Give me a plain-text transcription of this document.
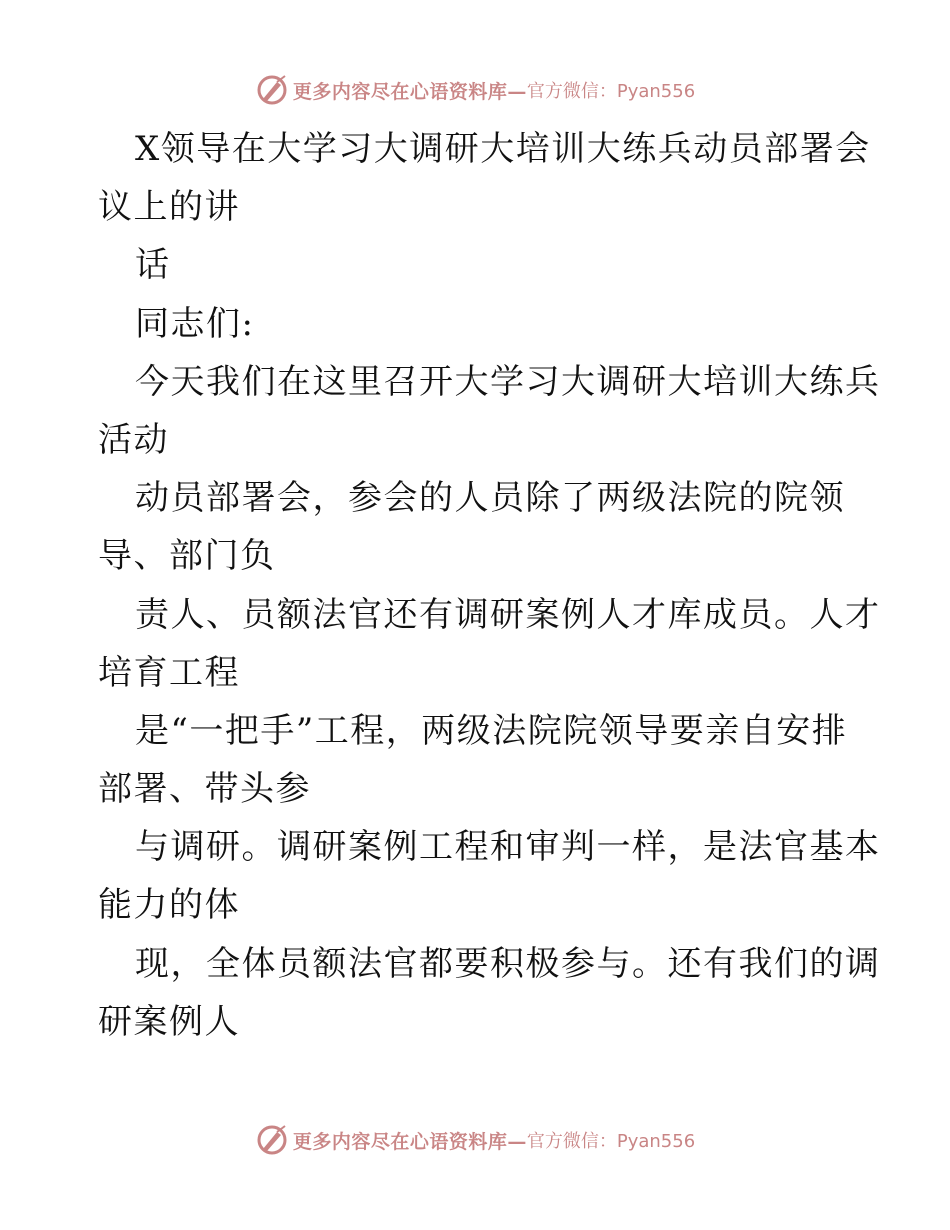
更多内容尽在心语资料库— 官方微信：Pyan556
X领导在大学习大调研大培训大练兵动员部署会
议上的讲
话
同志们:
今天我们在这里召开大学习大调研大培训大练兵
活动
动员部署会，参会的人员除了两级法院的院领
导、部门负
责人、员额法官还有调研案例人才库成员。人才
培育工程
是“一把手”工程，两级法院院领导要亲自安排
部署、带头参
与调研。调研案例工程和审判一样，是法官基本
能力的体
现，全体员额法官都要积极参与。还有我们的调
研案例人
更多内容尽在心语资料库— 官方微信：Pyan556
